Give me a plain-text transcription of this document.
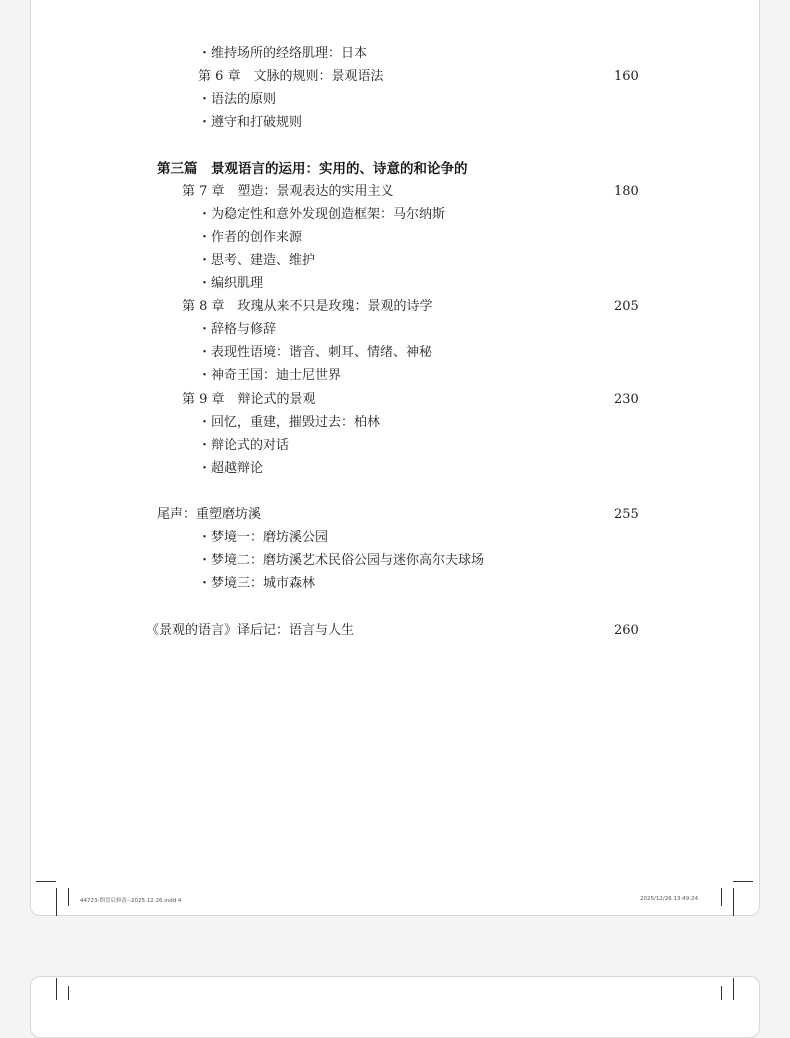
・维持场所的经络肌理：日本
第 6 章　文脉的规则：景观语法	160
・语法的原则
・遵守和打破规则
第三篇　景观语言的运用：实用的、诗意的和论争的
第 7 章　塑造：景观表达的实用主义	180
・为稳定性和意外发现创造框架：马尔纳斯
・作者的创作来源
・思考、建造、维护
・编织肌理
第 8 章　玫瑰从来不只是玫瑰：景观的诗学	205
・辞格与修辞
・表现性语境：谐音、刺耳、情绪、神秘
・神奇王国：迪士尼世界
第 9 章　辩论式的景观	230
・回忆，重建，摧毁过去：柏林
・辩论式的对话
・超越辩论
尾声：重塑磨坊溪	255
・梦境一：磨坊溪公园
・梦境二：磨坊溪艺术民俗公园与迷你高尔夫球场
・梦境三：城市森林
《景观的语言》译后记：语言与人生	260
44723-期盘后修改--2025.12.26.indd 4	2025/12/26 13:49:24
